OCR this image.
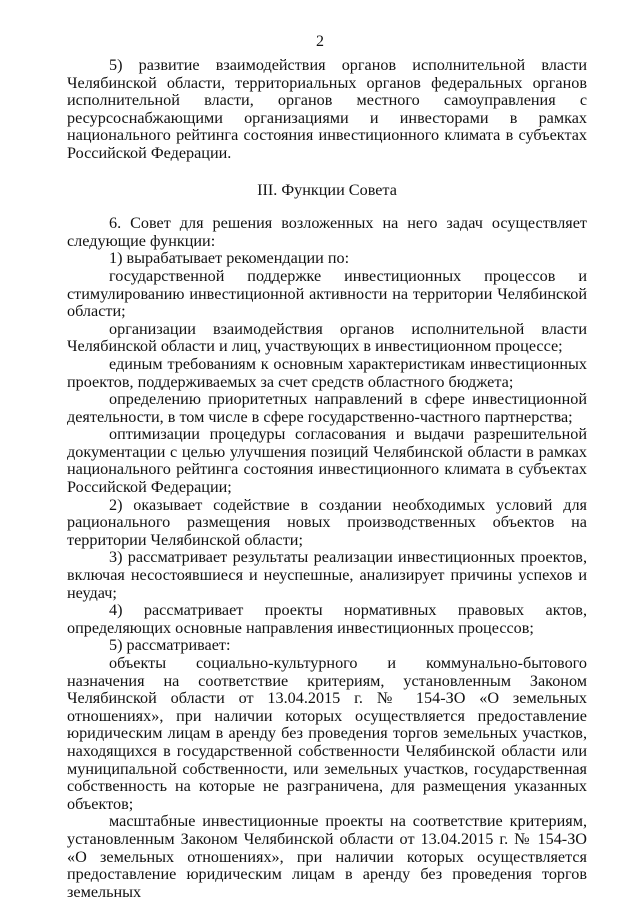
2

5) развитие взаимодействия органов исполнительной власти Челябинской области, территориальных органов федеральных органов исполнительной власти, органов местного самоуправления с ресурсоснабжающими организациями и инвесторами в рамках национального рейтинга состояния инвестиционного климата в субъектах Российской Федерации.

III. Функции Совета

6. Совет для решения возложенных на него задач осуществляет следующие функции:

1) вырабатывает рекомендации по:

государственной поддержке инвестиционных процессов и стимулированию инвестиционной активности на территории Челябинской области;

организации взаимодействия органов исполнительной власти Челябинской области и лиц, участвующих в инвестиционном процессе;

единым требованиям к основным характеристикам инвестиционных проектов, поддерживаемых за счет средств областного бюджета;

определению приоритетных направлений в сфере инвестиционной деятельности, в том числе в сфере государственно-частного партнерства;

оптимизации процедуры согласования и выдачи разрешительной документации с целью улучшения позиций Челябинской области в рамках национального рейтинга состояния инвестиционного климата в субъектах Российской Федерации;

2) оказывает содействие в создании необходимых условий для рационального размещения новых производственных объектов на территории Челябинской области;

3) рассматривает результаты реализации инвестиционных проектов, включая несостоявшиеся и неуспешные, анализирует причины успехов и неудач;

4) рассматривает проекты нормативных правовых актов, определяющих основные направления инвестиционных процессов;

5) рассматривает:

объекты социально-культурного и коммунально-бытового назначения на соответствие критериям, установленным Законом Челябинской области от 13.04.2015 г. № 154-ЗО «О земельных отношениях», при наличии которых осуществляется предоставление юридическим лицам в аренду без проведения торгов земельных участков, находящихся в государственной собственности Челябинской области или муниципальной собственности, или земельных участков, государственная собственность на которые не разграничена, для размещения указанных объектов;

масштабные инвестиционные проекты на соответствие критериям, установленным Законом Челябинской области от 13.04.2015 г. № 154-ЗО «О земельных отношениях», при наличии которых осуществляется предоставление юридическим лицам в аренду без проведения торгов земельных
